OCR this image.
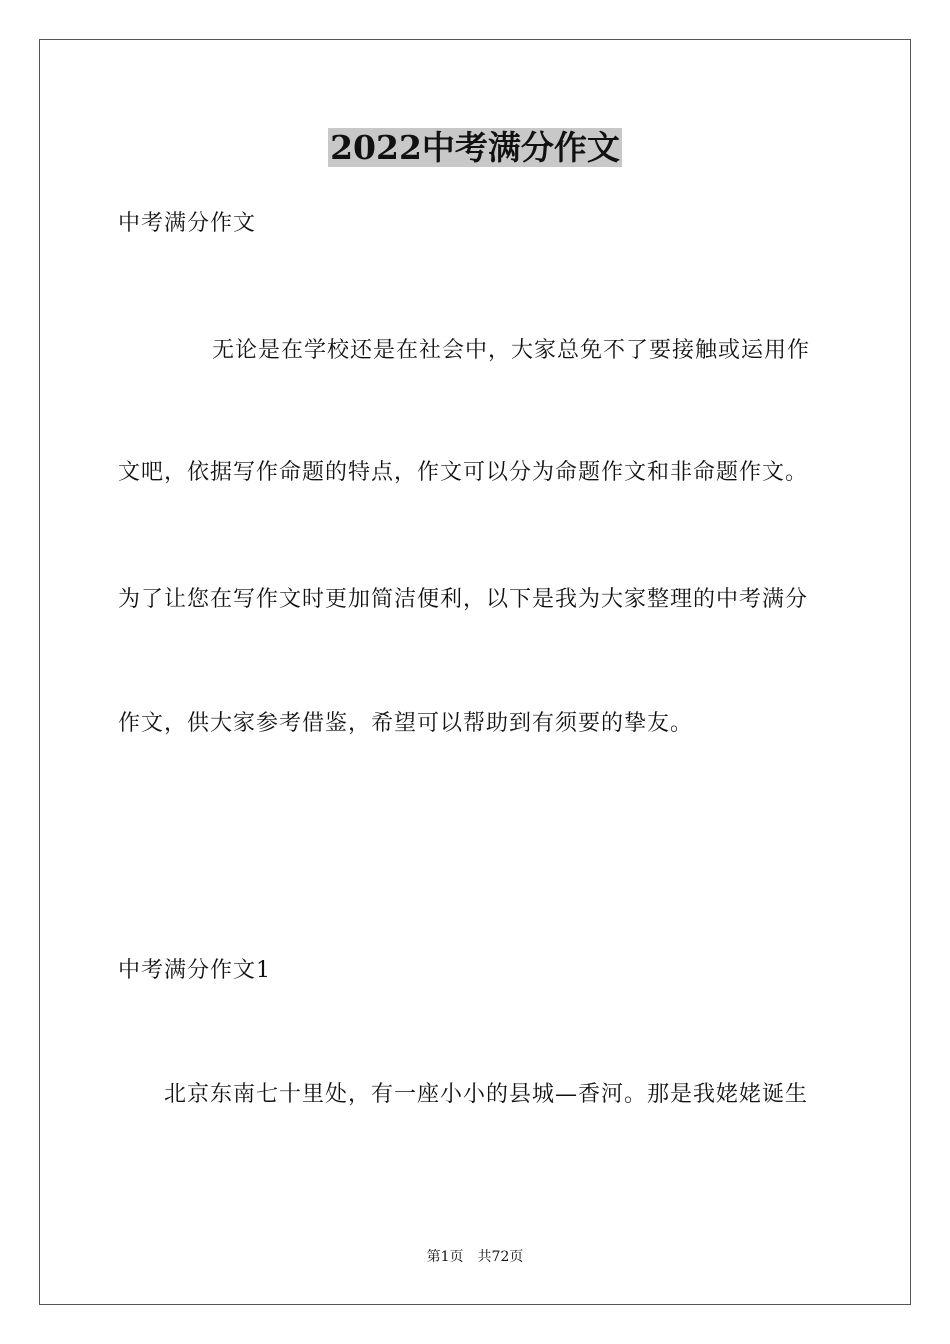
2022中考满分作文
中考满分作文
无论是在学校还是在社会中，大家总免不了要接触或运用作
文吧，依据写作命题的特点，作文可以分为命题作文和非命题作文。
为了让您在写作文时更加简洁便利，以下是我为大家整理的中考满分
作文，供大家参考借鉴，希望可以帮助到有须要的挚友。
中考满分作文1
北京东南七十里处，有一座小小的县城—香河。那是我姥姥诞生
第1页 共72页
